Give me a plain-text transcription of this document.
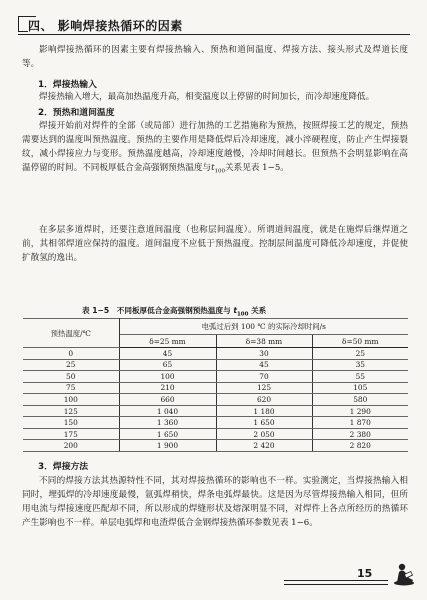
四、 影响焊接热循环的因素
影响焊接热循环的因素主要有焊接热输入、预热和道间温度、焊接方法、接头形式及焊道长度等。
1．焊接热输入
焊接热输入增大，最高加热温度升高，相变温度以上停留的时间加长，而冷却速度降低。
2．预热和道间温度
焊接开始前对焊件的全部（或局部）进行加热的工艺措施称为预热，按照焊接工艺的规定，预热需要达到的温度叫预热温度。预热的主要作用是降低焊后冷却速度，减小淬硬程度，防止产生焊接裂纹，减小焊接应力与变形。预热温度越高，冷却速度越慢，冷却时间越长。但预热不会明显影响在高温停留的时间。不同板厚低合金高强钢预热温度与$t_{100}$关系见表 1−5。
在多层多道焊时，还要注意道间温度（也称层间温度）。所谓道间温度，就是在施焊后继焊道之前，其相邻焊道应保持的温度。道间温度不应低于预热温度。控制层间温度可降低冷却速度，并促使扩散氢的逸出。
表 1−5　不同板厚低合金高强钢预热温度与 $t_{100}$ 关系
预热温度/℃	电弧过后到 100 ℃ 的实际冷却时间/s		
	δ=25 mm	δ=38 mm	δ=50 mm
0	45	30	25
25	65	45	35
50	100	70	55
75	210	125	105
100	660	620	580
125	1 040	1 180	1 290
150	1 360	1 650	1 870
175	1 650	2 050	2 380
200	1 900	2 420	2 820
3．焊接方法
不同的焊接方法其热源特性不同，其对焊接热循环的影响也不一样。实验测定，当焊接热输入相同时，埋弧焊的冷却速度最慢，氩弧焊稍快，焊条电弧焊最快。这是因为尽管焊接热输入相同，但所用电流与焊接速度匹配却不同，所以形成的焊缝形状及熔深明显不同，对焊件上各点所经历的热循环产生影响也不一样。单层电弧焊和电渣焊低合金钢焊接热循环参数见表 1−6。
15
